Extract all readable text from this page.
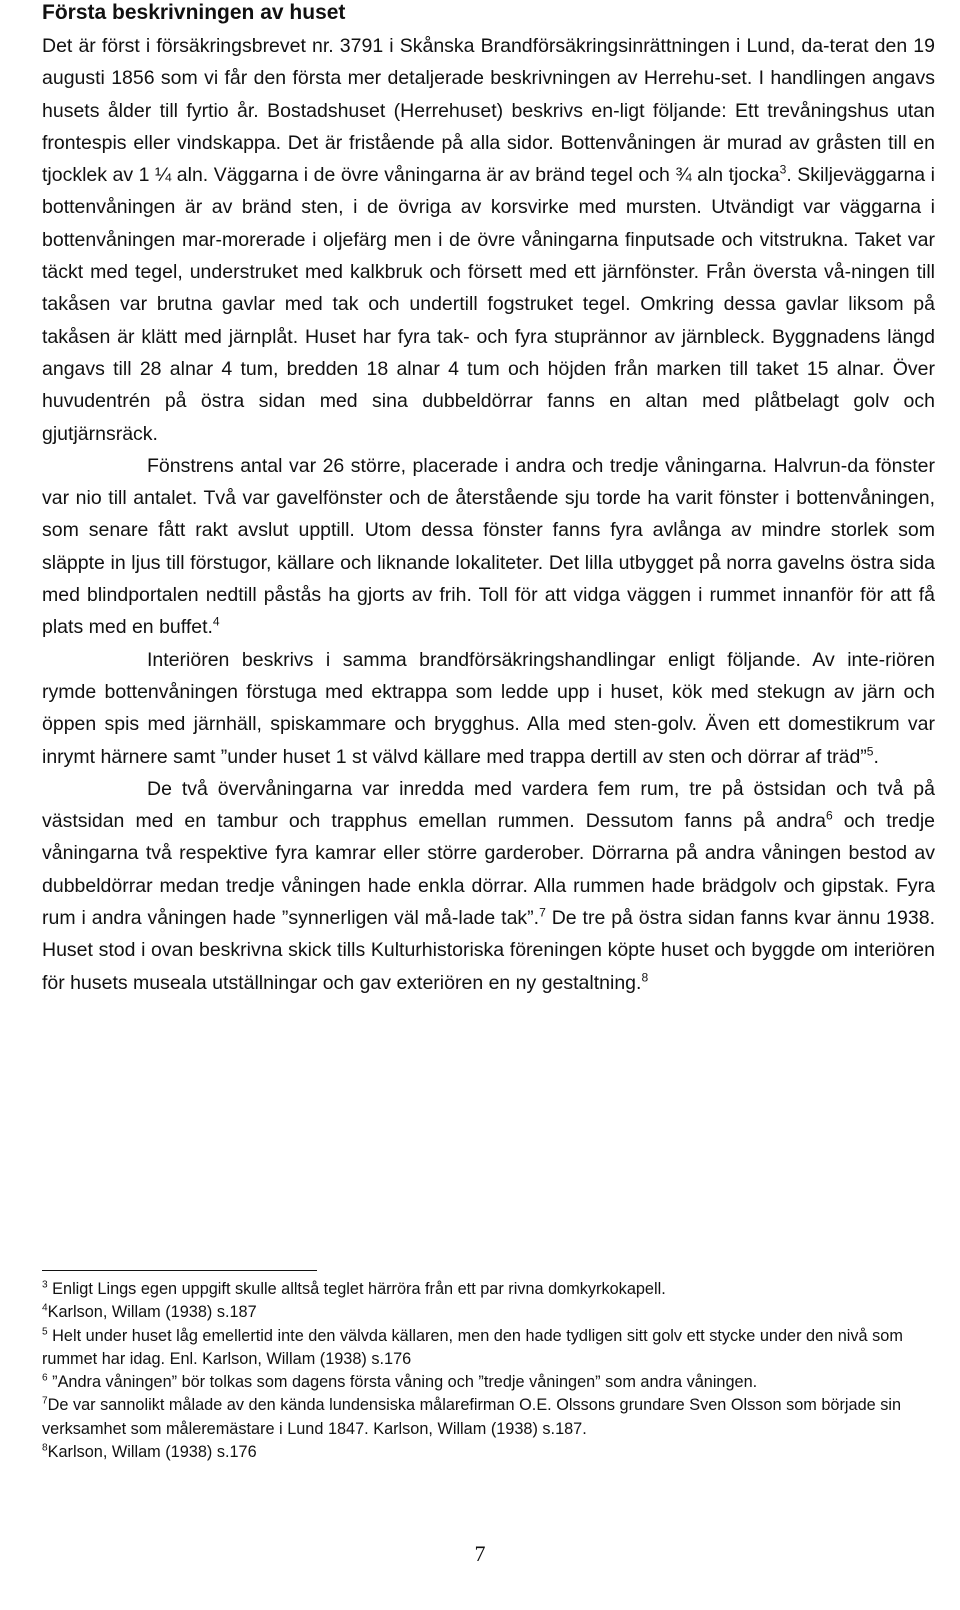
Första beskrivningen av huset

Det är först i försäkringsbrevet nr. 3791 i Skånska Brandförsäkringsinrättningen i Lund, da-terat den 19 augusti 1856 som vi får den första mer detaljerade beskrivningen av Herrehu-set. I handlingen angavs husets ålder till fyrtio år. Bostadshuset (Herrehuset) beskrivs en-ligt följande: Ett trevåningshus utan frontespis eller vindskappa. Det är fristående på alla sidor. Bottenvåningen är murad av gråsten till en tjocklek av 1 ¼ aln. Väggarna i de övre våningarna är av bränd tegel och ¾ aln tjocka$^3$. Skiljeväggarna i bottenvåningen är av bränd sten, i de övriga av korsvirke med mursten. Utvändigt var väggarna i bottenvåningen mar-morerade i oljefärg men i de övre våningarna finputsade och vitstrukna. Taket var täckt med tegel, understruket med kalkbruk och försett med ett järnfönster. Från översta vå-ningen till takåsen var brutna gavlar med tak och undertill fogstruket tegel. Omkring dessa gavlar liksom på takåsen är klätt med järnplåt. Huset har fyra tak- och fyra stuprännor av järnbleck. Byggnadens längd angavs till 28 alnar 4 tum, bredden 18 alnar 4 tum och höjden från marken till taket 15 alnar. Över huvudentrén på östra sidan med sina dubbeldörrar fanns en altan med plåtbelagt golv och gjutjärnsräck.

Fönstrens antal var 26 större, placerade i andra och tredje våningarna. Halvrun-da fönster var nio till antalet. Två var gavelfönster och de återstående sju torde ha varit fönster i bottenvåningen, som senare fått rakt avslut upptill. Utom dessa fönster fanns fyra avlånga av mindre storlek som släppte in ljus till förstugor, källare och liknande lokaliteter. Det lilla utbygget på norra gavelns östra sida med blindportalen nedtill påstås ha gjorts av frih. Toll för att vidga väggen i rummet innanför för att få plats med en buffet.$^4$

Interiören beskrivs i samma brandförsäkringshandlingar enligt följande. Av inte-riören rymde bottenvåningen förstuga med ektrappa som ledde upp i huset, kök med stekugn av järn och öppen spis med järnhäll, spiskammare och brygghus. Alla med sten-golv. Även ett domestikrum var inrymt härnere samt ”under huset 1 st välvd källare med trappa dertill av sten och dörrar af träd”$^5$.

De två övervåningarna var inredda med vardera fem rum, tre på östsidan och två på västsidan med en tambur och trapphus emellan rummen. Dessutom fanns på andra$^6$ och tredje våningarna två respektive fyra kamrar eller större garderober. Dörrarna på andra våningen bestod av dubbeldörrar medan tredje våningen hade enkla dörrar. Alla rummen hade brädgolv och gipstak. Fyra rum i andra våningen hade ”synnerligen väl må-lade tak”.$^7$ De tre på östra sidan fanns kvar ännu 1938. Huset stod i ovan beskrivna skick tills Kulturhistoriska föreningen köpte huset och byggde om interiören för husets museala utställningar och gav exteriören en ny gestaltning.$^8$

$^3$ Enligt Lings egen uppgift skulle alltså teglet härröra från ett par rivna domkyrkokapell.
$^4$Karlson, Willam (1938) s.187
$^5$ Helt under huset låg emellertid inte den välvda källaren, men den hade tydligen sitt golv ett stycke under den nivå som rummet har idag. Enl. Karlson, Willam (1938) s.176
$^6$ ”Andra våningen” bör tolkas som dagens första våning och ”tredje våningen” som andra våningen.
$^7$De var sannolikt målade av den kända lundensiska målarefirman O.E. Olssons grundare Sven Olsson som började sin verksamhet som måleremästare i Lund 1847. Karlson, Willam (1938) s.187.
$^8$Karlson, Willam (1938) s.176
7
